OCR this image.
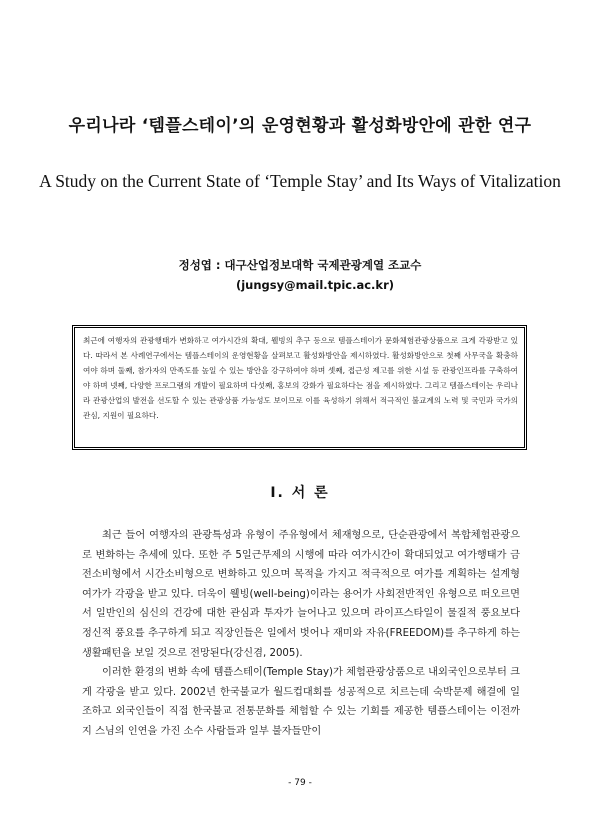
우리나라 ‘템플스테이’의 운영현황과 활성화방안에 관한 연구
A Study on the Current State of ‘Temple Stay’ and Its Ways of Vitalization
정성엽 : 대구산업정보대학 국제관광계열 조교수
(jungsy@mail.tpic.ac.kr)
최근에 여행자의 관광행태가 변화하고 여가시간의 확대, 웰빙의 추구 등으로 템플스테이가 문화체험관광상품으로 크게 각광받고 있다. 따라서 본 사례연구에서는 템플스테이의 운영현황을 살펴보고 활성화방안을 제시하였다. 활성화방안으로 첫째 사무국을 확충하여야 하며 둘째, 참가자의 만족도를 높일 수 있는 방안을 강구하여야 하며 셋째, 접근성 제고를 위한 시설 등 관광인프라를 구축하여야 하며 넷째, 다양한 프로그램의 개발이 필요하며 다섯째, 홍보의 강화가 필요하다는 점을 제시하였다. 그리고 템플스테이는 우리나라 관광산업의 발전을 선도할 수 있는 관광상품 가능성도 보이므로 이를 육성하기 위해서 적극적인 불교계의 노력 및 국민과 국가의 관심, 지원이 필요하다.
Ⅰ. 서 론

최근 들어 여행자의 관광특성과 유형이 주유형에서 체재형으로, 단순관광에서 복합체험관광으로 변화하는 추세에 있다. 또한 주 5일근무제의 시행에 따라 여가시간이 확대되었고 여가행태가 금전소비형에서 시간소비형으로 변화하고 있으며 목적을 가지고 적극적으로 여가를 계획하는 설계형 여가가 각광을 받고 있다. 더욱이 웰빙(well-being)이라는 용어가 사회전반적인 유형으로 떠오르면서 일반인의 심신의 건강에 대한 관심과 투자가 늘어나고 있으며 라이프스타일이 물질적 풍요보다 정신적 풍요를 추구하게 되고 직장인들은 일에서 벗어나 재미와 자유(FREEDOM)를 추구하게 하는 생활패턴을 보일 것으로 전망된다(강신겸, 2005).

이러한 환경의 변화 속에 템플스테이(Temple Stay)가 체험관광상품으로 내외국인으로부터 크게 각광을 받고 있다. 2002년 한국불교가 월드컵대회를 성공적으로 치르는데 숙박문제 해결에 일조하고 외국인들이 직접 한국불교 전통문화를 체험할 수 있는 기회를 제공한 템플스테이는 이전까지 스님의 인연을 가진 소수 사람들과 일부 불자들만이

- 79 -
